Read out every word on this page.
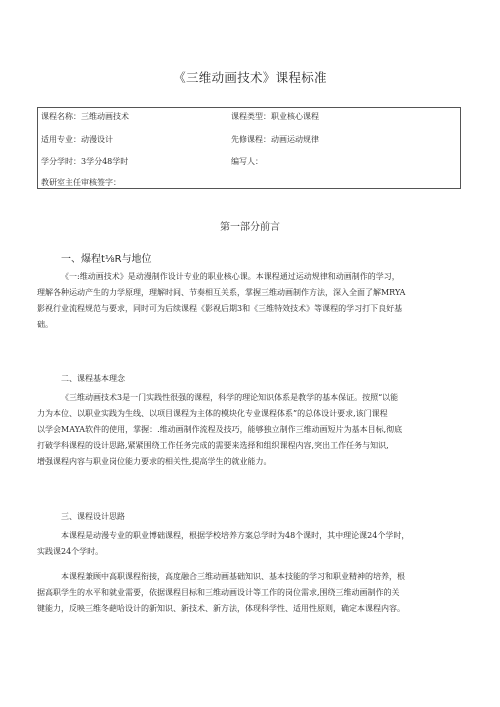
《三维动画技术》课程标准
课程名称：三维动画技术	课程类型：职业核心课程
适用专业：动漫设计	先修课程：动画运动规律
学分学时：3学分48学时	编写人：
教研室主任审核签字：
第一部分前言
一、爆程t⅛R与地位
《一:维动画技术》是动漫制作设计专业的职业核心课。本课程通过运动规律和动画制作的学习，
理解各种运动产生的力学原理，理解时间、节奏相互关系，掌握三维动画制作方法，深入全面了解MRYA
影视行业流程规范与要求，同时可为后续课程《影视后期3和《三维特效技术》等课程的学习打下良好基
础。
二、课程基本理念
《三维动画技术3是一门实践性很强的课程，科学的理论知识体系是教学的基本保证。按照“以能
力为本位、以职业实践为生线、以项目课程为主体的模块化专业课程体系”的总体设计要求,该门课程
以学会MAYA软件的使用，掌握：.维动画制作流程及技巧，能够独立制作三维动画短片为基本目标,彻底
打破学科课程的设计思路,紧紧围绕工作任务完成的需要来选择和组织课程内容,突出工作任务与知识,
增强课程内容与职业岗位能力要求的相关性,提高学生的就业能力。
三、课程设计思路
本课程是动漫专业的职业博础课程，根据学校培养方案总学时为48个课时，其中理论课24个学时，
实践课24个学时。
本课程兼顾中高职课程衔接，高度融合三维动画基础知识、基本技能的学习和职业精神的培养，根
据高职学生的水平和就业需要，依据课程目标和三维动画设计等工作的岗位需求,围绕三维动画制作的关
键能力，反映三维冬葩哈设计的新知识、新技术、新方法，体现科学性、适用性原则，确定本课程内容。
